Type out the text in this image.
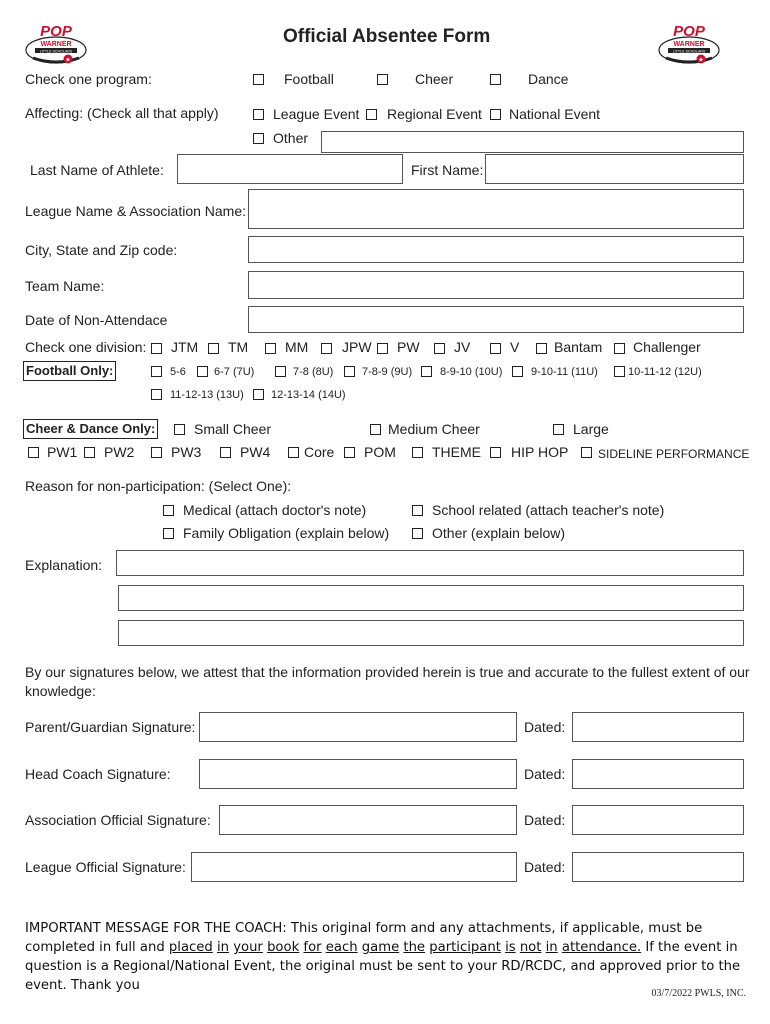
POP
WARNER
LITTLE SCHOLARS
★
POP
WARNER
LITTLE SCHOLARS
★
Official Absentee Form
Check one program:	Football	Cheer	Dance
Affecting: (Check all that apply)	League Event Regional Event National Event
Other
Last Name of Athlete:	First Name:
League Name & Association Name:
City, State and Zip code:
Team Name:
Date of Non-Attendace
Check one division: JTM TM	MM JPW PW JV	V Bantam Challenger
Football Only:	5-6	6-7 (7U)	7-8 (8U)	7-8-9 (9U)	8-9-10 (10U)	9-10-11 (11U)	10-11-12 (12U)
11-12-13 (13U) 12-13-14 (14U)
Cheer & Dance Only:	Small Cheer	Medium Cheer	Large
PW1 PW2	PW3	PW4 Core POM	THEME HIP HOP SIDELINE PERFORMANCE
Reason for non-participation: (Select One):
Medical (attach doctor's note)	School related (attach teacher's note)
Family Obligation (explain below)	Other (explain below)
Explanation:
By our signatures below, we attest that the information provided herein is true and accurate to the fullest extent of our knowledge:
Parent/Guardian Signature:	Dated:
Head Coach Signature:	Dated:
Association Official Signature:	Dated:
League Official Signature:	Dated:
IMPORTANT MESSAGE FOR THE COACH: This original form and any attachments, if applicable, must be completed in full and placed in your book for each game the participant is not in attendance. If the event in question is a Regional/National Event, the original must be sent to your RD/RCDC, and approved prior to the event. Thank you
03/7/2022 PWLS, INC.
